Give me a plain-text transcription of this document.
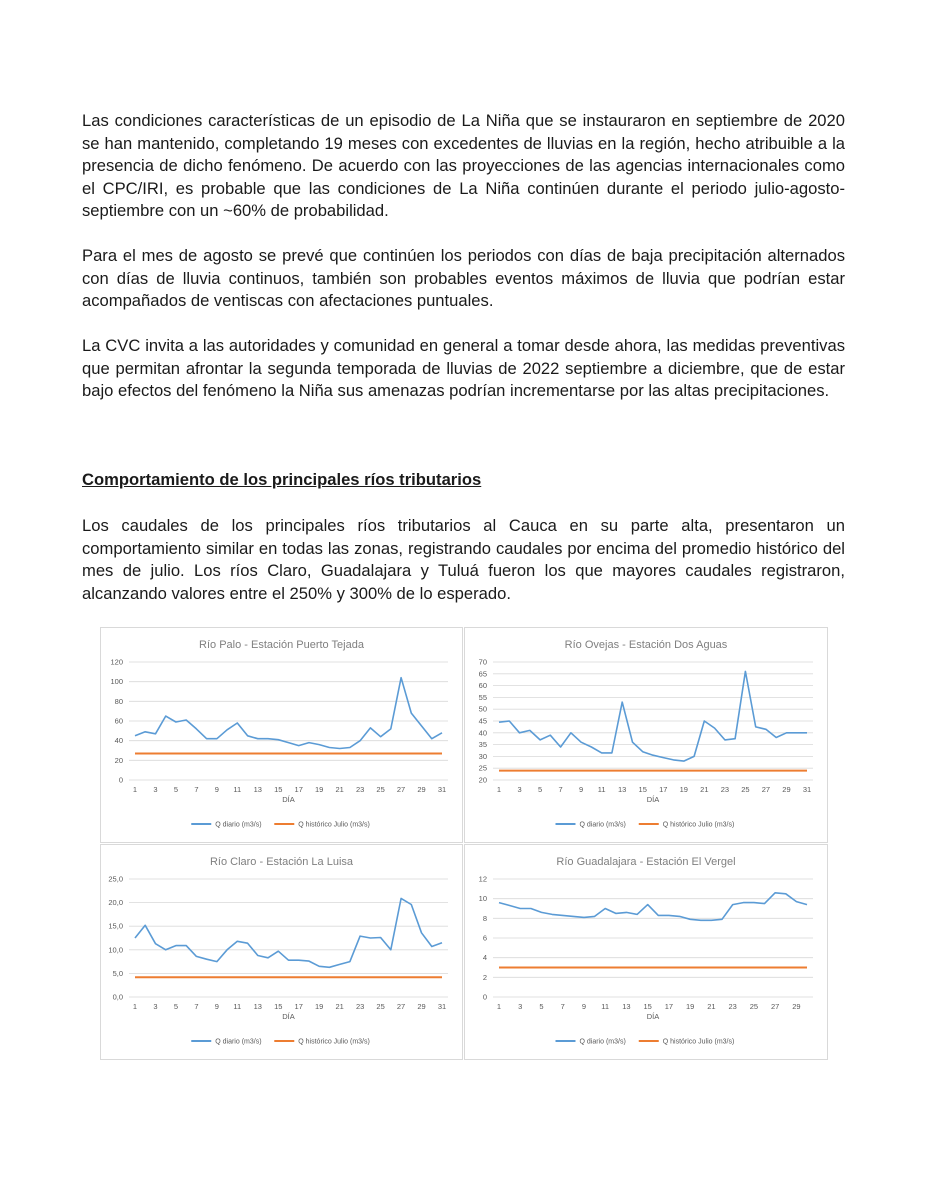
Las condiciones características de un episodio de La Niña que se instauraron en septiembre de 2020 se han mantenido, completando 19 meses con excedentes de lluvias en la región, hecho atribuible a la presencia de dicho fenómeno. De acuerdo con las proyecciones de las agencias internacionales como el CPC/IRI, es probable que las condiciones de La Niña continúen durante el periodo julio-agosto-septiembre con un ~60% de probabilidad.

Para el mes de agosto se prevé que continúen los periodos con días de baja precipitación alternados con días de lluvia continuos, también son probables eventos máximos de lluvia que podrían estar acompañados de ventiscas con afectaciones puntuales.

La CVC invita a las autoridades y comunidad en general a tomar desde ahora, las medidas preventivas que permitan afrontar la segunda temporada de lluvias de 2022 septiembre a diciembre, que de estar bajo efectos del fenómeno la Niña sus amenazas podrían incrementarse por las altas precipitaciones.

Comportamiento de los principales ríos tributarios

Los caudales de los principales ríos tributarios al Cauca en su parte alta, presentaron un comportamiento similar en todas las zonas, registrando caudales por encima del promedio histórico del mes de julio. Los ríos Claro, Guadalajara y Tuluá fueron los que mayores caudales registraron, alcanzando valores entre el 250% y 300% de lo esperado.

Río Palo - Estación Puerto Tejada
0
20
40
60
80
100
120
1 3 5 7 9 11 13 15 17 19 21 23 25 27 29 31
DÍA
Q diario (m3/s)	Q histórico Julio (m3/s)
Río Ovejas - Estación Dos Aguas
20
25
30
35
40
45
50
55
60
65
70
1 3 5 7 9 11 13 15 17 19 21 23 25 27 29 31
DÍA
Q diario (m3/s)	Q histórico Julio (m3/s)
Río Claro - Estación La Luisa
0,0
5,0
10,0
15,0
20,0
25,0
1 3 5 7 9 11 13 15 17 19 21 23 25 27 29 31
DÍA
Q diario (m3/s)	Q histórico Julio (m3/s)
Río Guadalajara - Estación El Vergel
0
2
4
6
8
10
12
1 3 5 7 9 11 13 15 17 19 21 23 25 27 29
DÍA
Q diario (m3/s)	Q histórico Julio (m3/s)
